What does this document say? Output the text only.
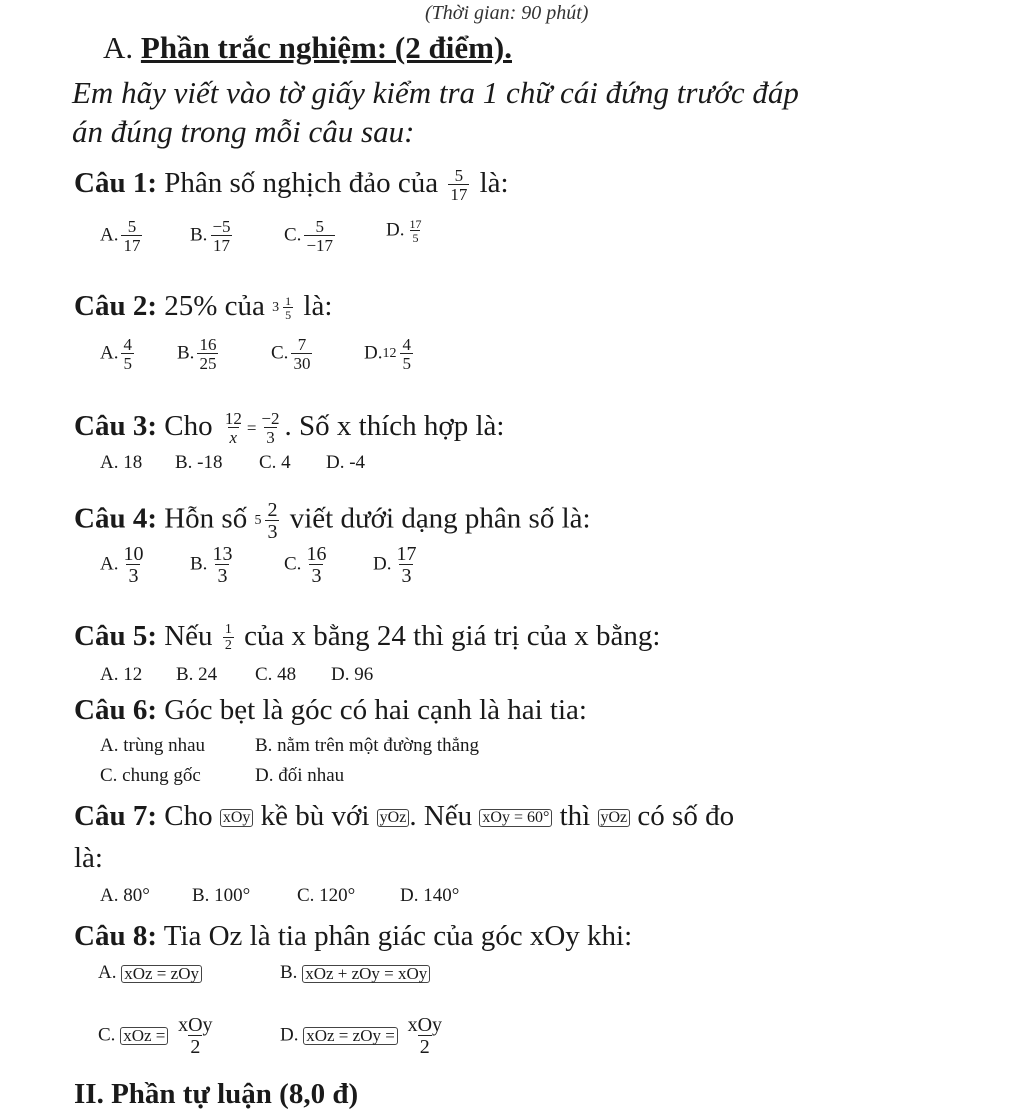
(Thời gian: 90 phút)
A. Phần trắc nghiệm: (2 điểm).
Em hãy viết vào tờ giấy kiểm tra 1 chữ cái đứng trước đáp
án đúng trong mỗi câu sau:
Câu 1: Phân số nghịch đảo của $\frac{5}{17}$ là:
A. $\frac{5}{17}$	B. $\frac{-5}{17}$	C. $\frac{5}{-17}$	D. $\frac{17}{5}$
Câu 2: 25% của $3 \frac{1}{5}$ là:
A. $\frac{4}{5} B$. $\frac{16}{25}$	C. $\frac{7}{30}$	D. $12 \frac{4}{5}$
Câu 3: Cho $\frac{12}{x} = \frac{-2}{3}$ . Số x thích hợp là:
A. 18 B. -18 C. 4 D. -4
Câu 4: Hỗn số $5 \frac{2}{3}$ viết dưới dạng phân số là:
A. $\frac{10}{3} B$. $\frac{13}{3}$	C. $\frac{16}{3} D$. $\frac{17}{3}$
Câu 5: Nếu $\frac{1}{2}$ của x bằng 24 thì giá trị của x bằng:
A. 12 B. 24 C. 48 D. 96
Câu 6: Góc bẹt là góc có hai cạnh là hai tia:
A. trùng nhau	B. nằm trên một đường thẳng
C. chung gốc	D. đối nhau
Câu 7: Cho xOy kề bù với yOz . Nếu xOy = 60° thì yOz có số đo
là:
A. 80° B. 100° C. 120° D. 140°
Câu 8: Tia Oz là tia phân giác của góc xOy khi:
A. xOz = zOy	B. xOz + zOy = xOy
C. xOz = $\frac{\text{xOy}}{2}$	D. xOz = zOy = $\frac{\text{xOy}}{2}$
II. Phần tự luận (8,0 đ)
